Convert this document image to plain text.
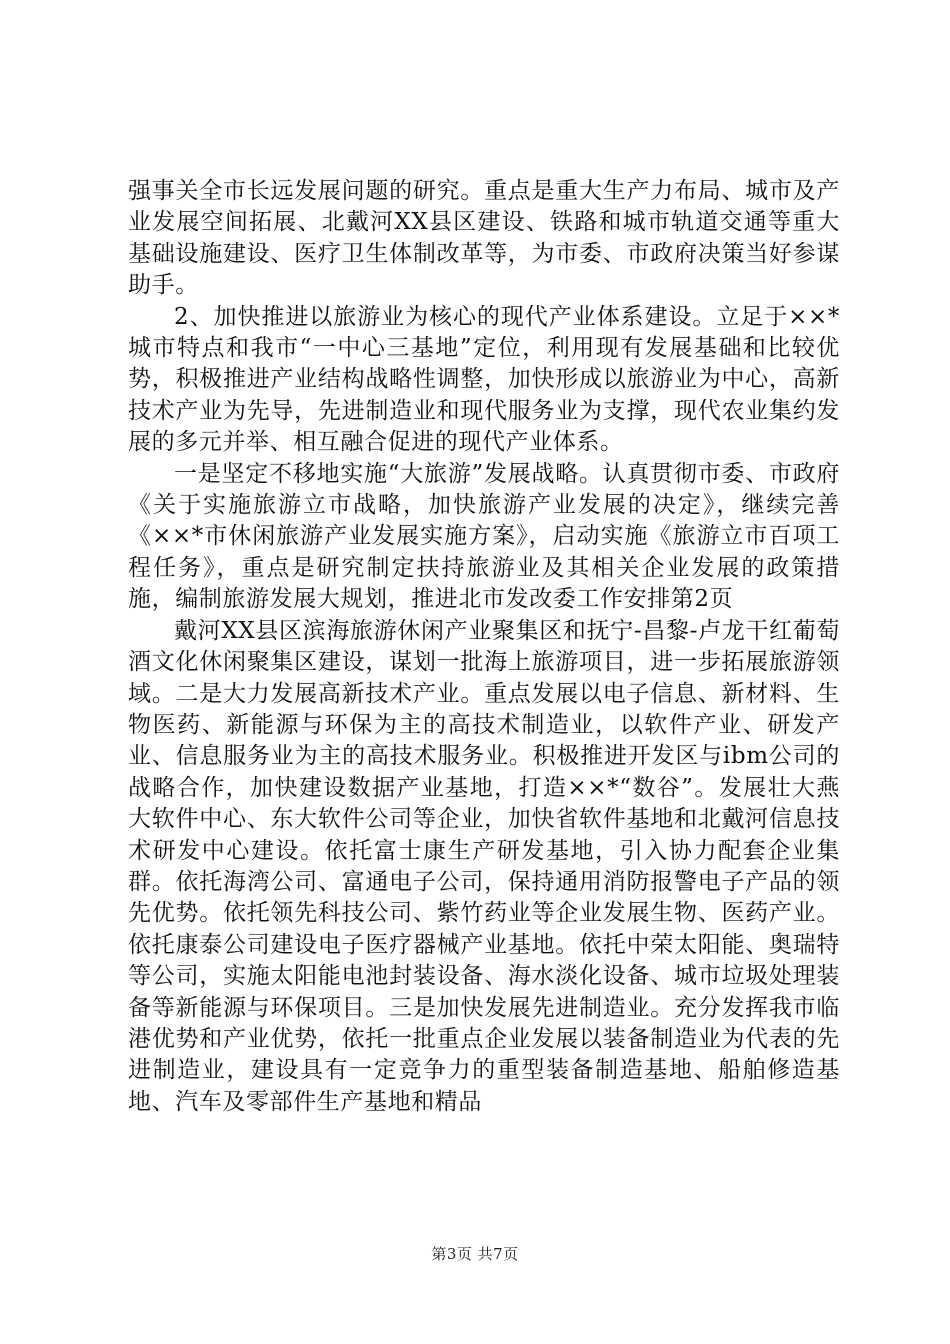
强事关全市长远发展问题的研究。重点是重大生产力布局、城市及产业发展空间拓展、北戴河XX县区建设、铁路和城市轨道交通等重大基础设施建设、医疗卫生体制改革等，为市委、市政府决策当好参谋助手。

2、加快推进以旅游业为核心的现代产业体系建设。立足于××*城市特点和我市“一中心三基地”定位，利用现有发展基础和比较优势，积极推进产业结构战略性调整，加快形成以旅游业为中心，高新技术产业为先导，先进制造业和现代服务业为支撑，现代农业集约发展的多元并举、相互融合促进的现代产业体系。

一是坚定不移地实施“大旅游”发展战略。认真贯彻市委、市政府《关于实施旅游立市战略，加快旅游产业发展的决定》，继续完善《××*市休闲旅游产业发展实施方案》，启动实施《旅游立市百项工程任务》，重点是研究制定扶持旅游业及其相关企业发展的政策措施，编制旅游发展大规划，推进北市发改委工作安排第2页

戴河XX县区滨海旅游休闲产业聚集区和抚宁-昌黎-卢龙干红葡萄酒文化休闲聚集区建设，谋划一批海上旅游项目，进一步拓展旅游领域。二是大力发展高新技术产业。重点发展以电子信息、新材料、生物医药、新能源与环保为主的高技术制造业，以软件产业、研发产业、信息服务业为主的高技术服务业。积极推进开发区与ibm公司的战略合作，加快建设数据产业基地，打造××*“数谷”。发展壮大燕大软件中心、东大软件公司等企业，加快省软件基地和北戴河信息技术研发中心建设。依托富士康生产研发基地，引入协力配套企业集群。依托海湾公司、富通电子公司，保持通用消防报警电子产品的领先优势。依托领先科技公司、紫竹药业等企业发展生物、医药产业。依托康泰公司建设电子医疗器械产业基地。依托中荣太阳能、奥瑞特等公司，实施太阳能电池封装设备、海水淡化设备、城市垃圾处理装备等新能源与环保项目。三是加快发展先进制造业。充分发挥我市临港优势和产业优势，依托一批重点企业发展以装备制造业为代表的先进制造业，建设具有一定竞争力的重型装备制造基地、船舶修造基地、汽车及零部件生产基地和精品

第3页 共7页
